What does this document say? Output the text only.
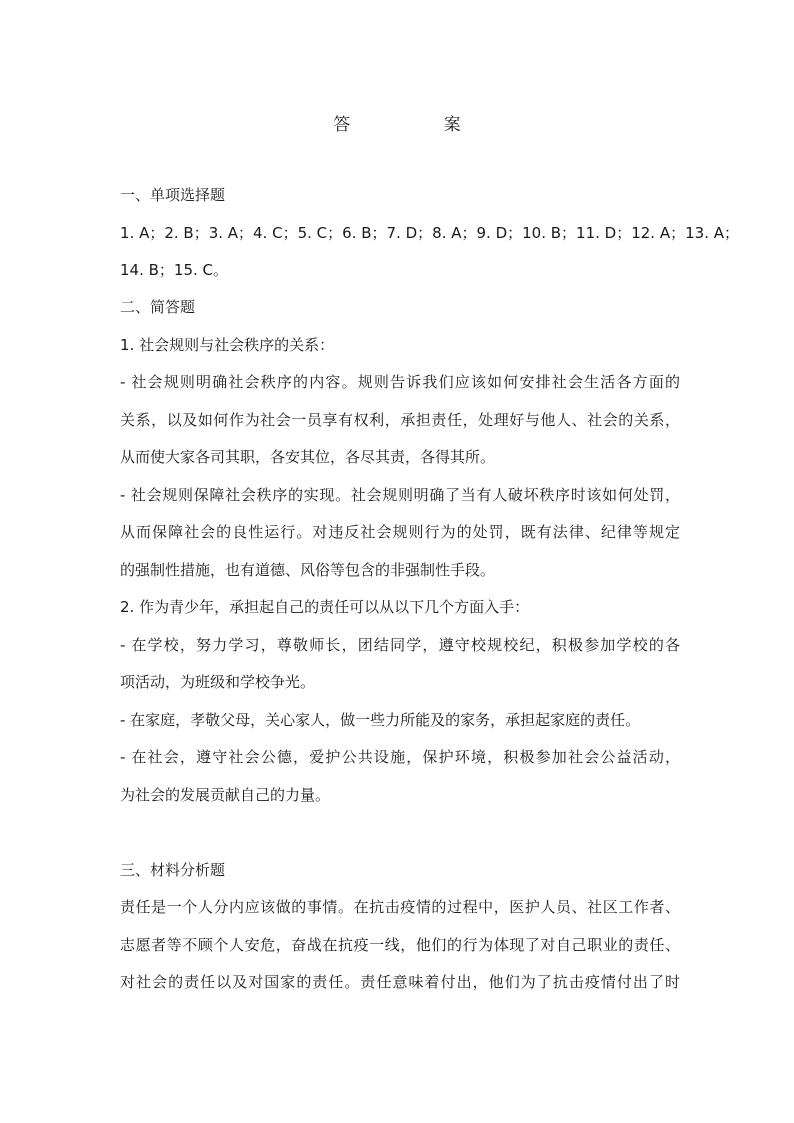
答 案
一、单项选择题
1. A；2. B；3. A；4. C；5. C；6. B；7. D；8. A；9. D；10. B；11. D；12. A；13. A；
14. B；15. C。
二、简答题
1. 社会规则与社会秩序的关系：
- 社会规则明确社会秩序的内容。规则告诉我们应该如何安排社会生活各方面的
关系，以及如何作为社会一员享有权利，承担责任，处理好与他人、社会的关系，
从而使大家各司其职，各安其位，各尽其责，各得其所。
- 社会规则保障社会秩序的实现。社会规则明确了当有人破坏秩序时该如何处罚，
从而保障社会的良性运行。对违反社会规则行为的处罚，既有法律、纪律等规定
的强制性措施，也有道德、风俗等包含的非强制性手段。
2. 作为青少年，承担起自己的责任可以从以下几个方面入手：
- 在学校，努力学习，尊敬师长，团结同学，遵守校规校纪，积极参加学校的各
项活动，为班级和学校争光。
- 在家庭，孝敬父母，关心家人，做一些力所能及的家务，承担起家庭的责任。
- 在社会，遵守社会公德，爱护公共设施，保护环境，积极参加社会公益活动，
为社会的发展贡献自己的力量。
三、材料分析题
责任是一个人分内应该做的事情。在抗击疫情的过程中，医护人员、社区工作者、
志愿者等不顾个人安危，奋战在抗疫一线，他们的行为体现了对自己职业的责任、
对社会的责任以及对国家的责任。责任意味着付出，他们为了抗击疫情付出了时
